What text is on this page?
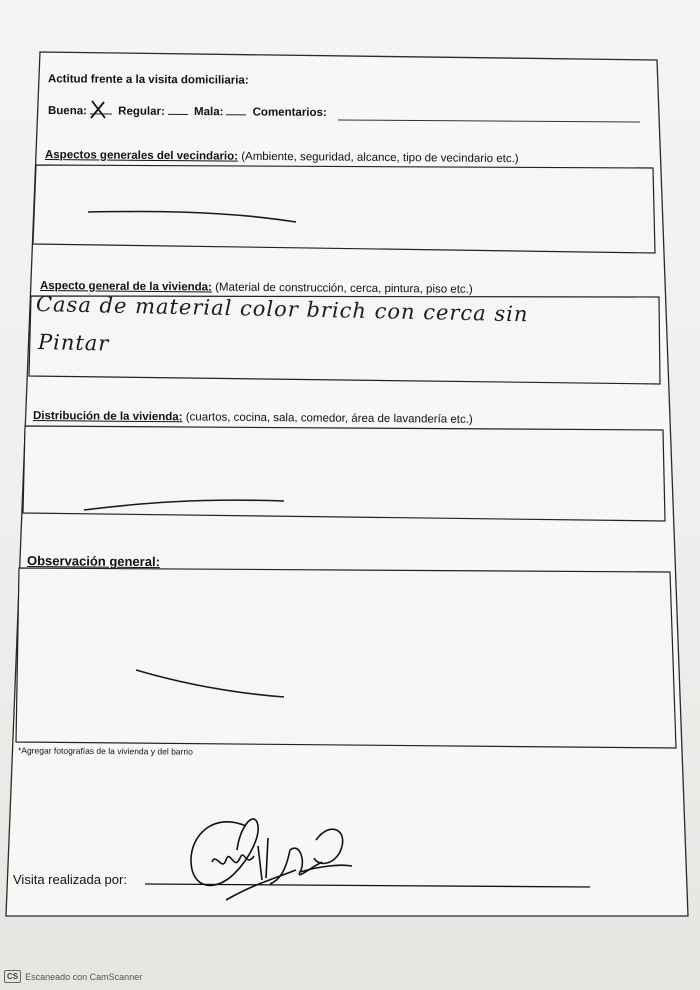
Actitud frente a la visita domiciliaria:
Buena:	Regular:	Mala:	Comentarios:
Aspectos generales del vecindario: (Ambiente, seguridad, alcance, tipo de vecindario etc.)
Aspecto general de la vivienda: (Material de construcción, cerca, pintura, piso etc.)
Casa de material color brich con cerca sin
Pintar
Distribución de la vivienda: (cuartos, cocina, sala, comedor, área de lavandería etc.)
Observación general:
*Agregar fotografías de la vivienda y del barrio
Visita realizada por:
CS Escaneado con CamScanner
